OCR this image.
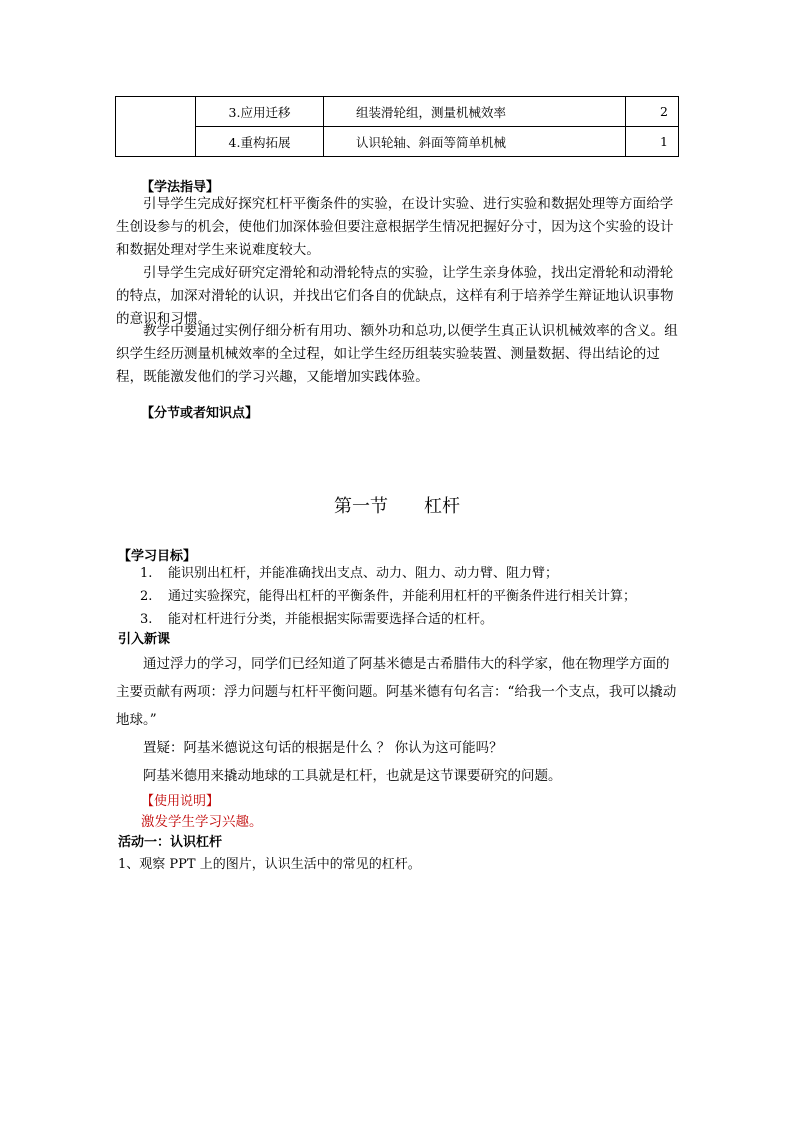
	3.应用迁移	组装滑轮组，测量机械效率	2
	4.重构拓展	认识轮轴、斜面等简单机械	1
【学法指导】
引导学生完成好探究杠杆平衡条件的实验，在设计实验、进行实验和数据处理等方面给学生创设参与的机会，使他们加深体验但要注意根据学生情况把握好分寸，因为这个实验的设计和数据处理对学生来说难度较大。
引导学生完成好研究定滑轮和动滑轮特点的实验，让学生亲身体验，找出定滑轮和动滑轮的特点，加深对滑轮的认识，并找出它们各自的优缺点，这样有利于培养学生辩证地认识事物的意识和习惯。
教学中要通过实例仔细分析有用功、额外功和总功,以便学生真正认识机械效率的含义。组织学生经历测量机械效率的全过程，如让学生经历组装实验装置、测量数据、得出结论的过程，既能激发他们的学习兴趣，又能增加实践体验。
【分节或者知识点】
第一节 杠杆
【学习目标】
1. 能识别出杠杆，并能准确找出支点、动力、阻力、动力臂、阻力臂；
2. 通过实验探究，能得出杠杆的平衡条件，并能利用杠杆的平衡条件进行相关计算；
3. 能对杠杆进行分类，并能根据实际需要选择合适的杠杆。
引入新课
通过浮力的学习，同学们已经知道了阿基米德是古希腊伟大的科学家，他在物理学方面的主要贡献有两项：浮力问题与杠杆平衡问题。阿基米德有句名言：“给我一个支点，我可以撬动地球。”
置疑：阿基米德说这句话的根据是什么 ？ 你认为这可能吗？
阿基米德用来撬动地球的工具就是杠杆，也就是这节课要研究的问题。
【使用说明】
激发学生学习兴趣。
活动一：认识杠杆
1、观察 PPT 上的图片，认识生活中的常见的杠杆。
